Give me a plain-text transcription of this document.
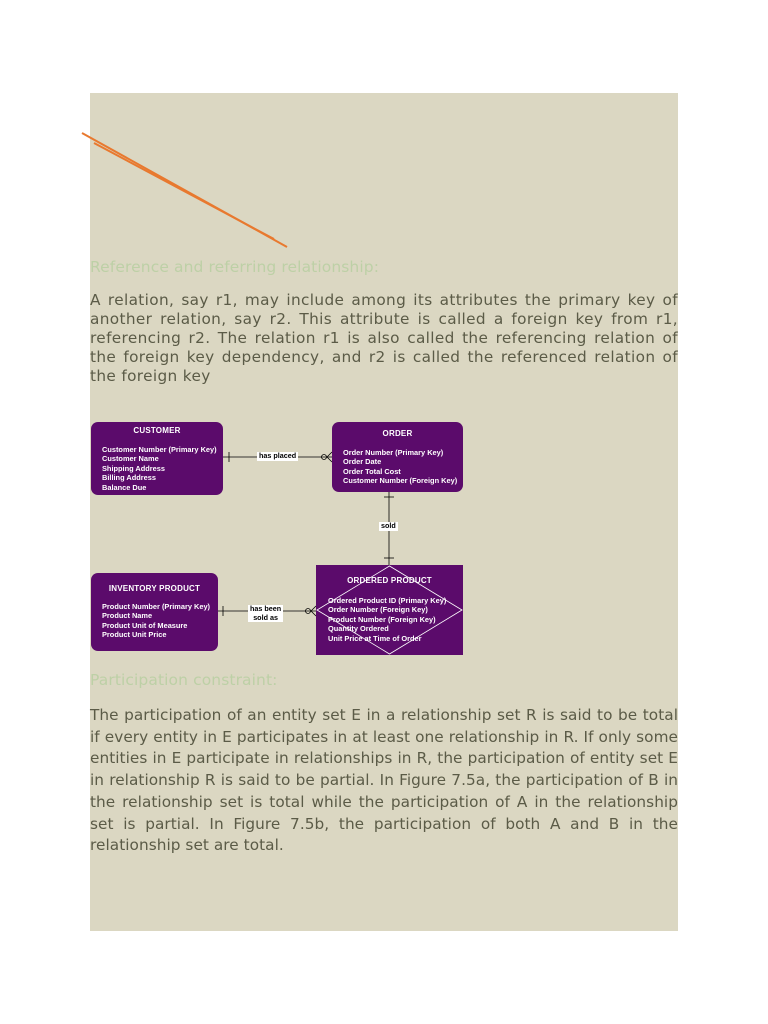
Reference and referring relationship:

A relation, say r1, may include among its attributes the primary key of another relation, say r2. This attribute is called a foreign key from r1, referencing r2. The relation r1 is also called the referencing relation of the foreign key dependency, and r2 is called the referenced relation of the foreign key

CUSTOMER
Customer Number (Primary Key)
Customer Name
Shipping Address
Billing Address
Balance Due
ORDER
Order Number (Primary Key)
Order Date
Order Total Cost
Customer Number (Foreign Key)
INVENTORY PRODUCT
Product Number (Primary Key)
Product Name
Product Unit of Measure
Product Unit Price
ORDERED PRODUCT
Ordered Product ID (Primary Key)
Order Number (Foreign Key)
Product Number (Foreign Key)
Quantity Ordered
Unit Price at Time of Order
has placed
sold
has been
sold as
Participation constraint:

The participation of an entity set E in a relationship set R is said to be total if every entity in E participates in at least one relationship in R. If only some entities in E participate in relationships in R, the participation of entity set E in relationship R is said to be partial. In Figure 7.5a, the participation of B in the relationship set is total while the participation of A in the relationship set is partial. In Figure 7.5b, the participation of both A and B in the relationship set are total.
